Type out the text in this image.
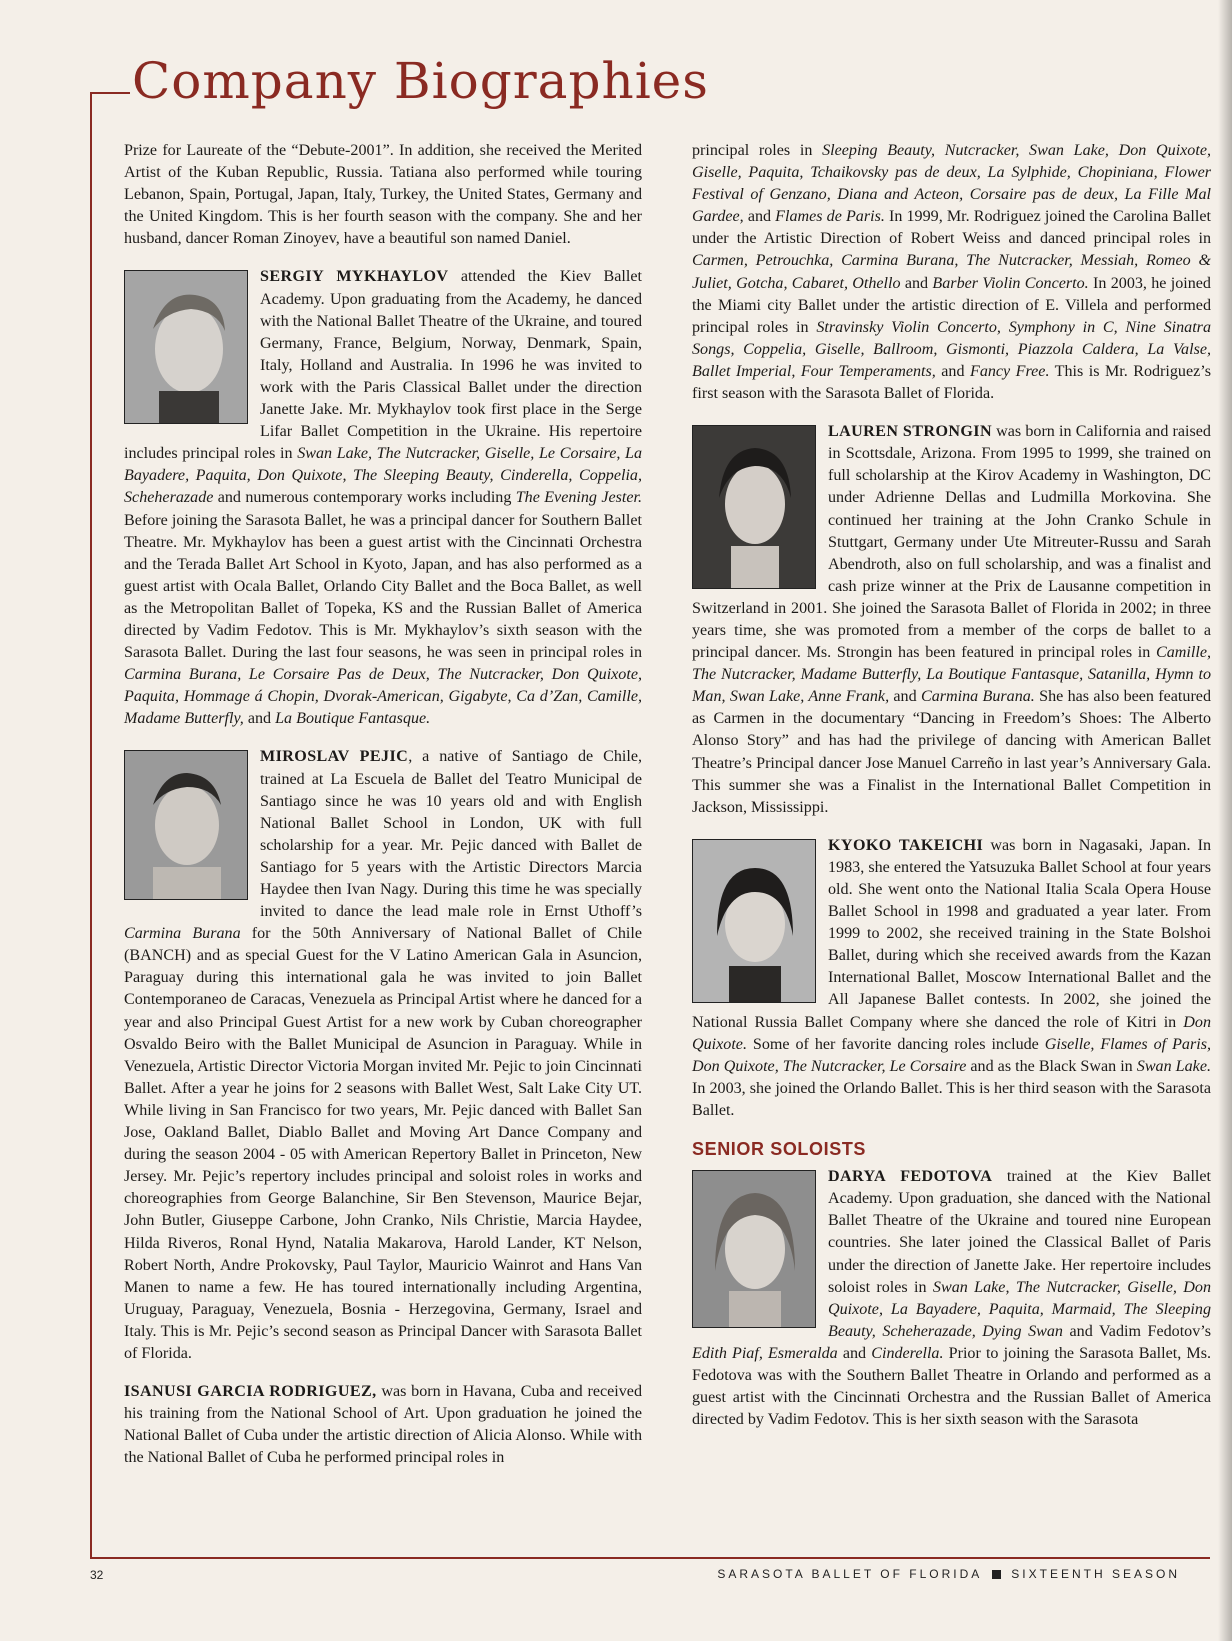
Company Biographies

Prize for Laureate of the “Debute-2001”. In addition, she received the Merited Artist of the Kuban Republic, Russia. Tatiana also performed while touring Lebanon, Spain, Portugal, Japan, Italy, Turkey, the United States, Germany and the United Kingdom. This is her fourth season with the company. She and her husband, dancer Roman Zinoyev, have a beautiful son named Daniel.

SERGIY MYKHAYLOV attended the Kiev Ballet Academy. Upon graduating from the Academy, he danced with the National Ballet Theatre of the Ukraine, and toured Germany, France, Belgium, Norway, Denmark, Spain, Italy, Holland and Australia. In 1996 he was invited to work with the Paris Classical Ballet under the direction Janette Jake. Mr. Mykhaylov took first place in the Serge Lifar Ballet Competition in the Ukraine. His repertoire includes principal roles in Swan Lake, The Nutcracker, Giselle, Le Corsaire, La Bayadere, Paquita, Don Quixote, The Sleeping Beauty, Cinderella, Coppelia, Scheherazade and numerous contemporary works including The Evening Jester. Before joining the Sarasota Ballet, he was a principal dancer for Southern Ballet Theatre. Mr. Mykhaylov has been a guest artist with the Cincinnati Orchestra and the Terada Ballet Art School in Kyoto, Japan, and has also performed as a guest artist with Ocala Ballet, Orlando City Ballet and the Boca Ballet, as well as the Metropolitan Ballet of Topeka, KS and the Russian Ballet of America directed by Vadim Fedotov. This is Mr. Mykhaylov’s sixth season with the Sarasota Ballet. During the last four seasons, he was seen in principal roles in Carmina Burana, Le Corsaire Pas de Deux, The Nutcracker, Don Quixote, Paquita, Hommage á Chopin, Dvorak-American, Gigabyte, Ca d’Zan, Camille, Madame Butterfly, and La Boutique Fantasque.

MIROSLAV PEJIC, a native of Santiago de Chile, trained at La Escuela de Ballet del Teatro Municipal de Santiago since he was 10 years old and with English National Ballet School in London, UK with full scholarship for a year. Mr. Pejic danced with Ballet de Santiago for 5 years with the Artistic Directors Marcia Haydee then Ivan Nagy. During this time he was specially invited to dance the lead male role in Ernst Uthoff’s Carmina Burana for the 50th Anniversary of National Ballet of Chile (BANCH) and as special Guest for the V Latino American Gala in Asuncion, Paraguay during this international gala he was invited to join Ballet Contemporaneo de Caracas, Venezuela as Principal Artist where he danced for a year and also Principal Guest Artist for a new work by Cuban choreographer Osvaldo Beiro with the Ballet Municipal de Asuncion in Paraguay. While in Venezuela, Artistic Director Victoria Morgan invited Mr. Pejic to join Cincinnati Ballet. After a year he joins for 2 seasons with Ballet West, Salt Lake City UT. While living in San Francisco for two years, Mr. Pejic danced with Ballet San Jose, Oakland Ballet, Diablo Ballet and Moving Art Dance Company and during the season 2004 - 05 with American Repertory Ballet in Princeton, New Jersey. Mr. Pejic’s repertory includes principal and soloist roles in works and choreographies from George Balanchine, Sir Ben Stevenson, Maurice Bejar, John Butler, Giuseppe Carbone, John Cranko, Nils Christie, Marcia Haydee, Hilda Riveros, Ronal Hynd, Natalia Makarova, Harold Lander, KT Nelson, Robert North, Andre Prokovsky, Paul Taylor, Mauricio Wainrot and Hans Van Manen to name a few. He has toured internationally including Argentina, Uruguay, Paraguay, Venezuela, Bosnia - Herzegovina, Germany, Israel and Italy. This is Mr. Pejic’s second season as Principal Dancer with Sarasota Ballet of Florida.

ISANUSI GARCIA RODRIGUEZ, was born in Havana, Cuba and received his training from the National School of Art. Upon graduation he joined the National Ballet of Cuba under the artistic direction of Alicia Alonso. While with the National Ballet of Cuba he performed principal roles in

principal roles in Sleeping Beauty, Nutcracker, Swan Lake, Don Quixote, Giselle, Paquita, Tchaikovsky pas de deux, La Sylphide, Chopiniana, Flower Festival of Genzano, Diana and Acteon, Corsaire pas de deux, La Fille Mal Gardee, and Flames de Paris. In 1999, Mr. Rodriguez joined the Carolina Ballet under the Artistic Direction of Robert Weiss and danced principal roles in Carmen, Petrouchka, Carmina Burana, The Nutcracker, Messiah, Romeo & Juliet, Gotcha, Cabaret, Othello and Barber Violin Concerto. In 2003, he joined the Miami city Ballet under the artistic direction of E. Villela and performed principal roles in Stravinsky Violin Concerto, Symphony in C, Nine Sinatra Songs, Coppelia, Giselle, Ballroom, Gismonti, Piazzola Caldera, La Valse, Ballet Imperial, Four Temperaments, and Fancy Free. This is Mr. Rodriguez’s first season with the Sarasota Ballet of Florida.

LAUREN STRONGIN was born in California and raised in Scottsdale, Arizona. From 1995 to 1999, she trained on full scholarship at the Kirov Academy in Washington, DC under Adrienne Dellas and Ludmilla Morkovina. She continued her training at the John Cranko Schule in Stuttgart, Germany under Ute Mitreuter-Russu and Sarah Abendroth, also on full scholarship, and was a finalist and cash prize winner at the Prix de Lausanne competition in Switzerland in 2001. She joined the Sarasota Ballet of Florida in 2002; in three years time, she was promoted from a member of the corps de ballet to a principal dancer. Ms. Strongin has been featured in principal roles in Camille, The Nutcracker, Madame Butterfly, La Boutique Fantasque, Satanilla, Hymn to Man, Swan Lake, Anne Frank, and Carmina Burana. She has also been featured as Carmen in the documentary “Dancing in Freedom’s Shoes: The Alberto Alonso Story” and has had the privilege of dancing with American Ballet Theatre’s Principal dancer Jose Manuel Carreño in last year’s Anniversary Gala. This summer she was a Finalist in the International Ballet Competition in Jackson, Mississippi.

KYOKO TAKEICHI was born in Nagasaki, Japan. In 1983, she entered the Yatsuzuka Ballet School at four years old. She went onto the National Italia Scala Opera House Ballet School in 1998 and graduated a year later. From 1999 to 2002, she received training in the State Bolshoi Ballet, during which she received awards from the Kazan International Ballet, Moscow International Ballet and the All Japanese Ballet contests. In 2002, she joined the National Russia Ballet Company where she danced the role of Kitri in Don Quixote. Some of her favorite dancing roles include Giselle, Flames of Paris, Don Quixote, The Nutcracker, Le Corsaire and as the Black Swan in Swan Lake. In 2003, she joined the Orlando Ballet. This is her third season with the Sarasota Ballet.

SENIOR SOLOISTS

DARYA FEDOTOVA trained at the Kiev Ballet Academy. Upon graduation, she danced with the National Ballet Theatre of the Ukraine and toured nine European countries. She later joined the Classical Ballet of Paris under the direction of Janette Jake. Her repertoire includes soloist roles in Swan Lake, The Nutcracker, Giselle, Don Quixote, La Bayadere, Paquita, Marmaid, The Sleeping Beauty, Scheherazade, Dying Swan and Vadim Fedotov’s Edith Piaf, Esmeralda and Cinderella. Prior to joining the Sarasota Ballet, Ms. Fedotova was with the Southern Ballet Theatre in Orlando and performed as a guest artist with the Cincinnati Orchestra and the Russian Ballet of America directed by Vadim Fedotov. This is her sixth season with the Sarasota

32	SARASOTA BALLET OF FLORIDA SIXTEENTH SEASON
